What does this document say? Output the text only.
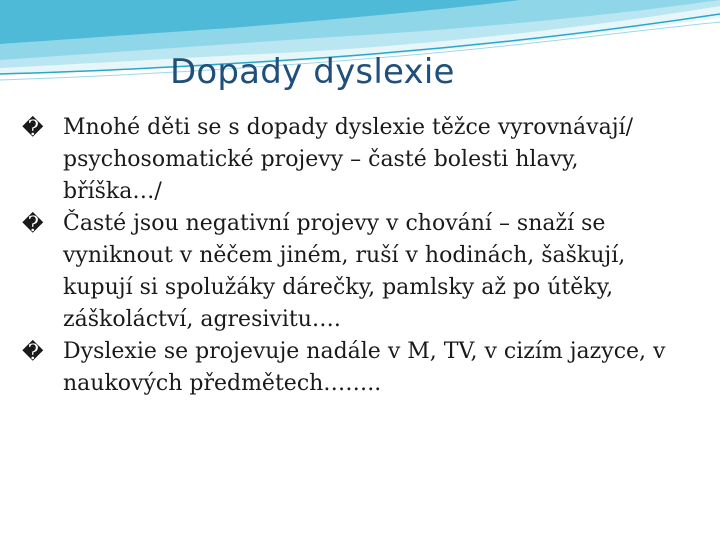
Dopady dyslexie
� Mnohé děti se s dopady dyslexie těžce vyrovnávají/ psychosomatické projevy – časté bolesti hlavy, bříška…/
� Časté jsou negativní projevy v chování – snaží se vyniknout v něčem jiném, ruší v hodinách, šaškují, kupují si spolužáky dárečky, pamlsky až po útěky, záškoláctví, agresivitu….
� Dyslexie se projevuje nadále v M, TV, v cizím jazyce, v naukových předmětech……..
